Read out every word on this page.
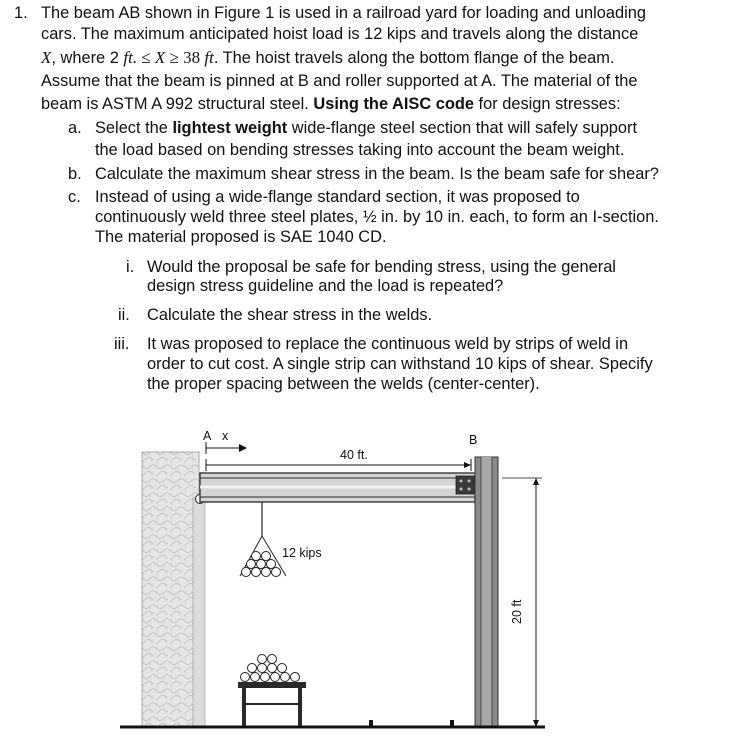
1. The beam AB shown in Figure 1 is used in a railroad yard for loading and unloading
cars. The maximum anticipated hoist load is 12 kips and travels along the distance
X, where 2 ft. ≤ X ≥ 38 ft. The hoist travels along the bottom flange of the beam.
Assume that the beam is pinned at B and roller supported at A. The material of the
beam is ASTM A 992 structural steel. Using the AISC code for design stresses:
a. Select the lightest weight wide-flange steel section that will safely support
the load based on bending stresses taking into account the beam weight.
b. Calculate the maximum shear stress in the beam. Is the beam safe for shear?
c. Instead of using a wide-flange standard section, it was proposed to
continuously weld three steel plates, ½ in. by 10 in. each, to form an I-section.
The material proposed is SAE 1040 CD.
i. Would the proposal be safe for bending stress, using the general
design stress guideline and the load is repeated?
ii. Calculate the shear stress in the welds.
iii. It was proposed to replace the continuous weld by strips of weld in
order to cut cost. A single strip can withstand 10 kips of shear. Specify
the proper spacing between the welds (center-center).
40 ft.
A x	B
20 ft
12 kips
